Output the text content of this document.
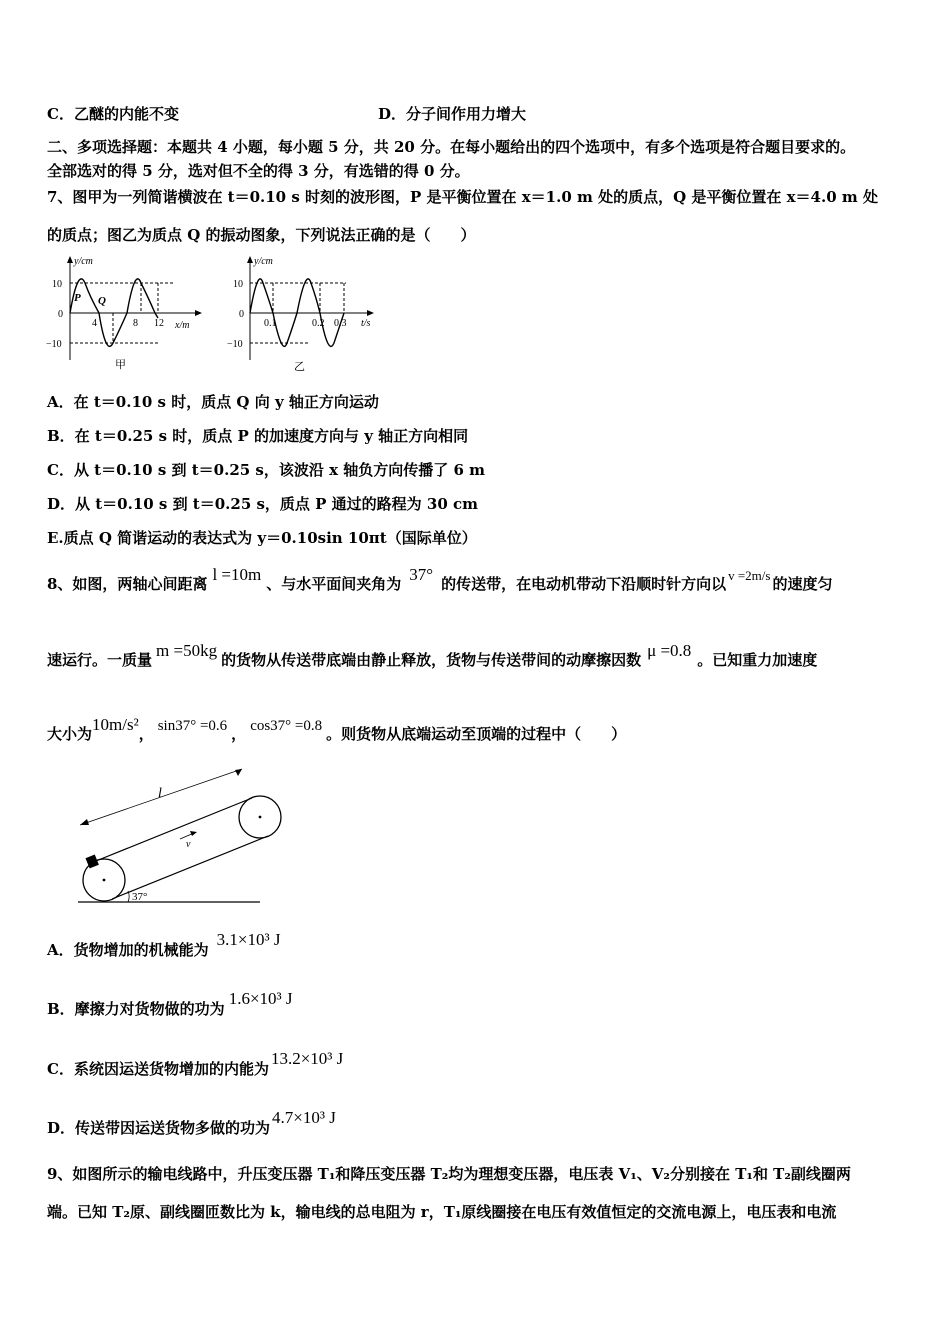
C．乙醚的内能不变	D．分子间作用力增大
二、多项选择题：本题共 4 小题，每小题 5 分，共 20 分。在每小题给出的四个选项中，有多个选项是符合题目要求的。
全部选对的得 5 分，选对但不全的得 3 分，有选错的得 0 分。
7、图甲为一列简谐横波在 t＝0.10 s 时刻的波形图，P 是平衡位置在 x＝1.0 m 处的质点，Q 是平衡位置在 x＝4.0 m 处
的质点；图乙为质点 Q 的振动图象，下列说法正确的是（　　）
y/cm
10
0
−10
4	8 12 x/m
P Q
甲
y/cm
10
0
−10
0.1	0.2 0.3 t/s
乙
A．在 t＝0.10 s 时，质点 Q 向 y 轴正方向运动
B．在 t＝0.25 s 时，质点 P 的加速度方向与 y 轴正方向相同
C．从 t＝0.10 s 到 t＝0.25 s，该波沿 x 轴负方向传播了 6 m
D．从 t＝0.10 s 到 t＝0.25 s，质点 P 通过的路程为 30 cm
E.质点 Q 简谐运动的表达式为 y＝0.10sin 10πt（国际单位）
8、如图，两轴心间距离 l =10m 、与水平面间夹角为 37° 的传送带，在电动机带动下沿顺时针方向以 v =2m/s 的速度匀
速运行。一质量 m =50kg 的货物从传送带底端由静止释放，货物与传送带间的动摩擦因数 μ =0.8 。已知重力加速度
大小为10m/s²， sin37° =0.6 ， cos37° =0.8 。则货物从底端运动至顶端的过程中（　　）
l
v
37°
A．货物增加的机械能为3.1×10³ J
B．摩擦力对货物做的功为1.6×10³ J
C．系统因运送货物增加的内能为13.2×10³ J
D．传送带因运送货物多做的功为4.7×10³ J
9、如图所示的输电线路中，升压变压器 T₁和降压变压器 T₂均为理想变压器，电压表 V₁、V₂分别接在 T₁和 T₂副线圈两
端。已知 T₂原、副线圈匝数比为 k，输电线的总电阻为 r，T₁原线圈接在电压有效值恒定的交流电源上，电压表和电流
